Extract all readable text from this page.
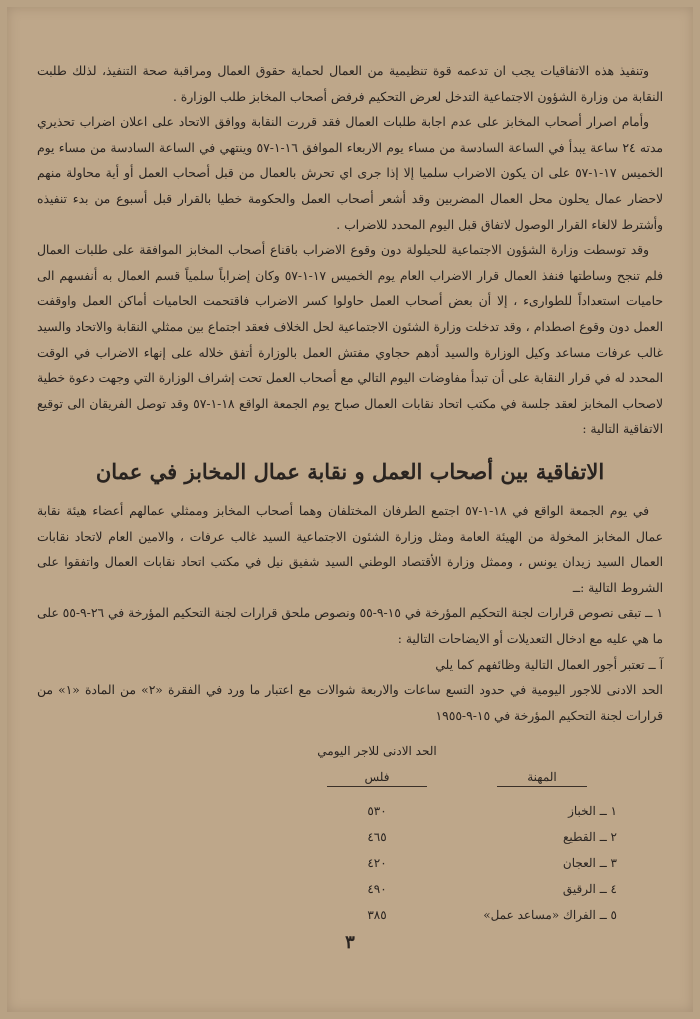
وتنفيذ هذه الاتفاقيات يجب ان تدعمه قوة تنظيمية من العمال لحماية حقوق العمال ومراقبة صحة التنفيذ، لذلك طلبت النقابة من وزارة الشؤون الاجتماعية التدخل لعرض التحكيم فرفض أصحاب المخابز طلب الوزارة .

وأمام اصرار أصحاب المخابز على عدم اجابة طلبات العمال فقد قررت النقابة ووافق الاتحاد على اعلان اضراب تحذيري مدته ٢٤ ساعة يبدأ في الساعة السادسة من مساء يوم الاربعاء الموافق ١٦-١-٥٧ وينتهي في الساعة السادسة من مساء يوم الخميس ١٧-١-٥٧ على ان يكون الاضراب سلميا إلا إذا جرى اي تحرش بالعمال من قبل أصحاب العمل أو أية محاولة منهم لاحضار عمال يحلون محل العمال المضربين وقد أشعر أصحاب العمل والحكومة خطيا بالقرار قبل أسبوع من بدء تنفيذه وأشترط لالغاء القرار الوصول لاتفاق قبل اليوم المحدد للاضراب .

وقد توسطت وزارة الشؤون الاجتماعية للحيلولة دون وقوع الاضراب باقناع أصحاب المخابز الموافقة على طلبات العمال فلم تنجح وساطتها فنفذ العمال قرار الاضراب العام يوم الخميس ١٧-١-٥٧ وكان إضراباً سلمياً قسم العمال به أنفسهم الى حاميات استعداداً للطوارىء ، إلا أن بعض أصحاب العمل حاولوا كسر الاضراب فاقتحمت الحاميات أماكن العمل واوقفت العمل دون وقوع اصطدام ، وقد تدخلت وزارة الشئون الاجتماعية لحل الخلاف فعقد اجتماع بين ممثلي النقابة والاتحاد والسيد غالب عرفات مساعد وكيل الوزارة والسيد أدهم حجاوي مفتش العمل بالوزارة أتفق خلاله على إنهاء الاضراب في الوقت المحدد له في قرار النقابة على أن تبدأ مفاوضات اليوم التالي مع أصحاب العمل تحت إشراف الوزارة التي وجهت دعوة خطية لاصحاب المخابز لعقد جلسة في مكتب اتحاد نقابات العمال صباح يوم الجمعة الواقع ١٨-١-٥٧ وقد توصل الفريقان الى توقيع الاتفاقية التالية :

الاتفاقية بين أصحاب العمل و نقابة عمال المخابز في عمان

في يوم الجمعة الواقع في ١٨-١-٥٧ اجتمع الطرفان المختلفان وهما أصحاب المخابز وممثلي عمالهم أعضاء هيئة نقابة عمال المخابز المخولة من الهيئة العامة ومثل وزارة الشئون الاجتماعية السيد غالب عرفات ، والامين العام لاتحاد نقابات العمال السيد زيدان يونس ، وممثل وزارة الأقتصاد الوطني السيد شفيق نيل في مكتب اتحاد نقابات العمال واتفقوا على الشروط التالية :ــ

١ ــ تبقى نصوص قرارات لجنة التحكيم المؤرخة في ١٥-٩-٥٥ ونصوص ملحق قرارات لجنة التحكيم المؤرخة في ٢٦-٩-٥٥ على ما هي عليه مع ادخال التعديلات أو الايضاحات التالية :

آ ــ تعتبر أجور العمال التالية وظائفهم كما يلي

الحد الادنى للاجور اليومية في حدود التسع ساعات والاربعة شوالات مع اعتبار ما ورد في الفقرة «٢» من المادة «١» من قرارات لجنة التحكيم المؤرخة في ١٥-٩-١٩٥٥

الحد الادنى للاجر اليومي
المهنة
فلس
١ ــ الخباز
٥٣٠
٢ ــ القطيع
٤٦٥
٣ ــ العجان
٤٢٠
٤ ــ الرقيق
٤٩٠
٥ ــ الفراك «مساعد عمل»
٣٨٥
٣
